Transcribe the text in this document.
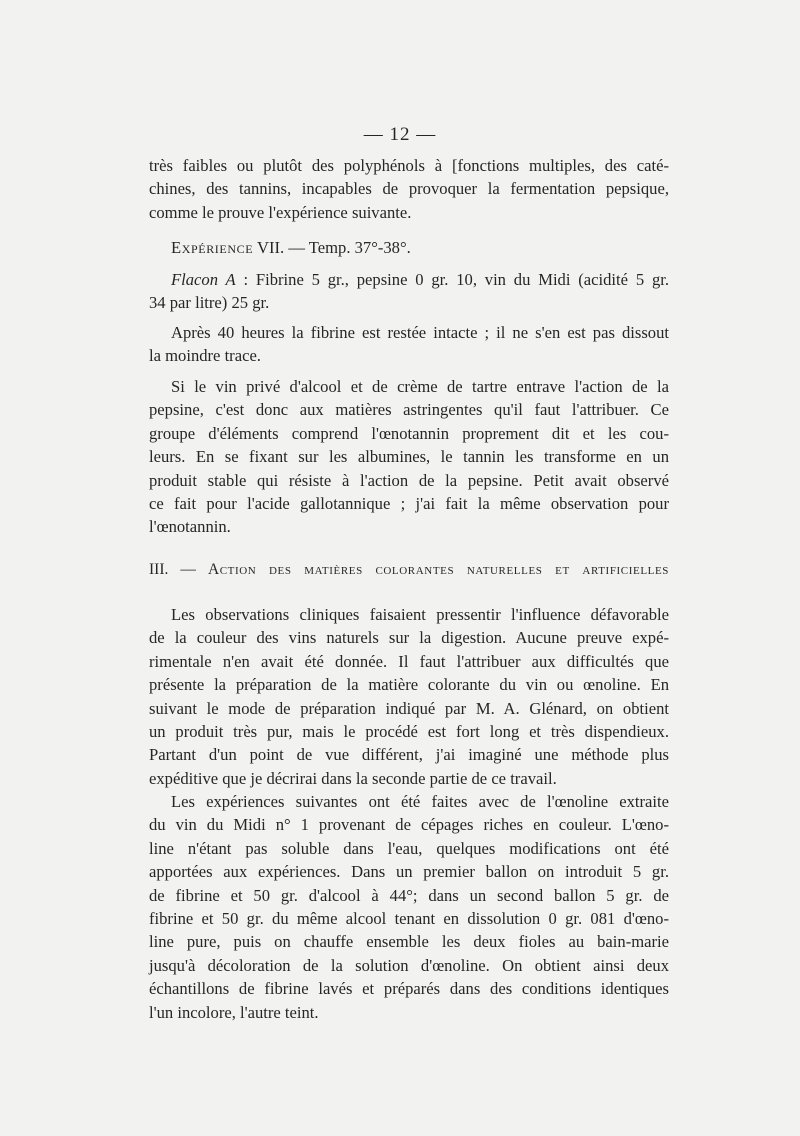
— 12 —
très faibles ou plutôt des polyphénols à [fonctions multiples, des caté-
chines, des tannins, incapables de provoquer la fermentation pepsique,
comme le prouve l'expérience suivante.
Expérience VII. — Temp. 37°-38°.
Flacon A : Fibrine 5 gr., pepsine 0 gr. 10, vin du Midi (acidité 5 gr.
34 par litre) 25 gr.
Après 40 heures la fibrine est restée intacte ; il ne s'en est pas dissout
la moindre trace.
Si le vin privé d'alcool et de crème de tartre entrave l'action de la
pepsine, c'est donc aux matières astringentes qu'il faut l'attribuer. Ce
groupe d'éléments comprend l'œnotannin proprement dit et les cou-
leurs. En se fixant sur les albumines, le tannin les transforme en un
produit stable qui résiste à l'action de la pepsine. Petit avait observé
ce fait pour l'acide gallotannique ; j'ai fait la même observation pour
l'œnotannin.
III. — Action des matières colorantes naturelles et artificielles
Les observations cliniques faisaient pressentir l'influence défavorable
de la couleur des vins naturels sur la digestion. Aucune preuve expé-
rimentale n'en avait été donnée. Il faut l'attribuer aux difficultés que
présente la préparation de la matière colorante du vin ou œnoline. En
suivant le mode de préparation indiqué par M. A. Glénard, on obtient
un produit très pur, mais le procédé est fort long et très dispendieux.
Partant d'un point de vue différent, j'ai imaginé une méthode plus
expéditive que je décrirai dans la seconde partie de ce travail.
Les expériences suivantes ont été faites avec de l'œnoline extraite
du vin du Midi n° 1 provenant de cépages riches en couleur. L'œno-
line n'étant pas soluble dans l'eau, quelques modifications ont été
apportées aux expériences. Dans un premier ballon on introduit 5 gr.
de fibrine et 50 gr. d'alcool à 44°; dans un second ballon 5 gr. de
fibrine et 50 gr. du même alcool tenant en dissolution 0 gr. 081 d'œno-
line pure, puis on chauffe ensemble les deux fioles au bain-marie
jusqu'à décoloration de la solution d'œnoline. On obtient ainsi deux
échantillons de fibrine lavés et préparés dans des conditions identiques
l'un incolore, l'autre teint.
